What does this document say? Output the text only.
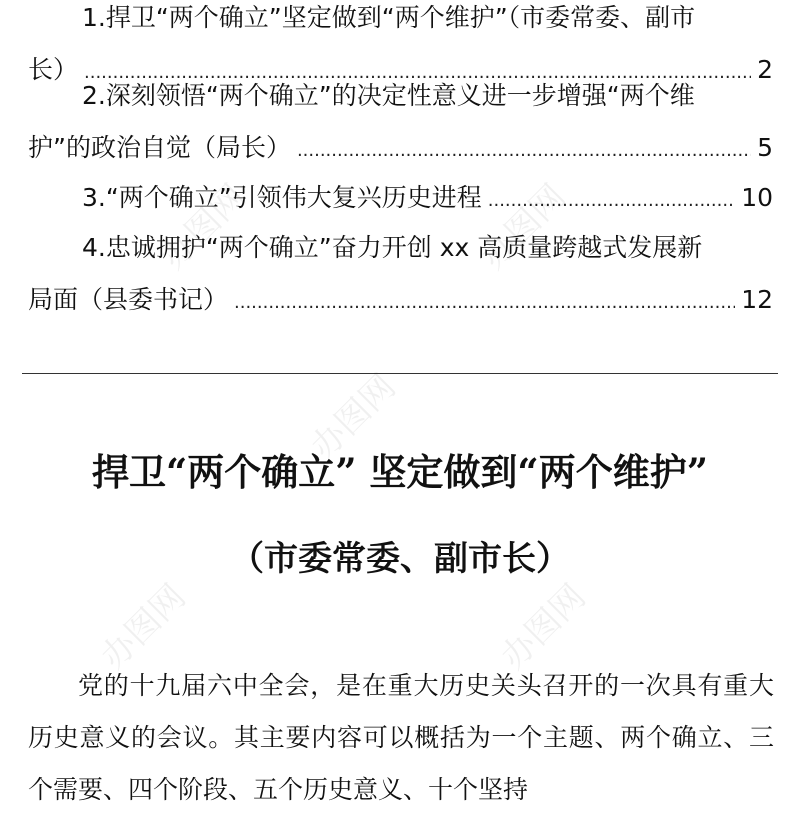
1.捍卫“两个确立”坚定做到“两个维护”（市委常委、副市
长） .....	2
2.深刻领悟“两个确立”的决定性意义进一步增强“两个维
护”的政治自觉（局长） .....	5
3.“两个确立”引领伟大复兴历史进程 .....	10
4.忠诚拥护“两个确立”奋力开创 xx 高质量跨越式发展新
局面（县委书记） .....	12
捍卫“两个确立” 坚定做到“两个维护”
（市委常委、副市长）
党的十九届六中全会，是在重大历史关头召开的一次具有重大历史意义的会议。其主要内容可以概括为一个主题、两个确立、三个需要、四个阶段、五个历史意义、十个坚持
办图网
办图网
办图网
办图网	办图网
